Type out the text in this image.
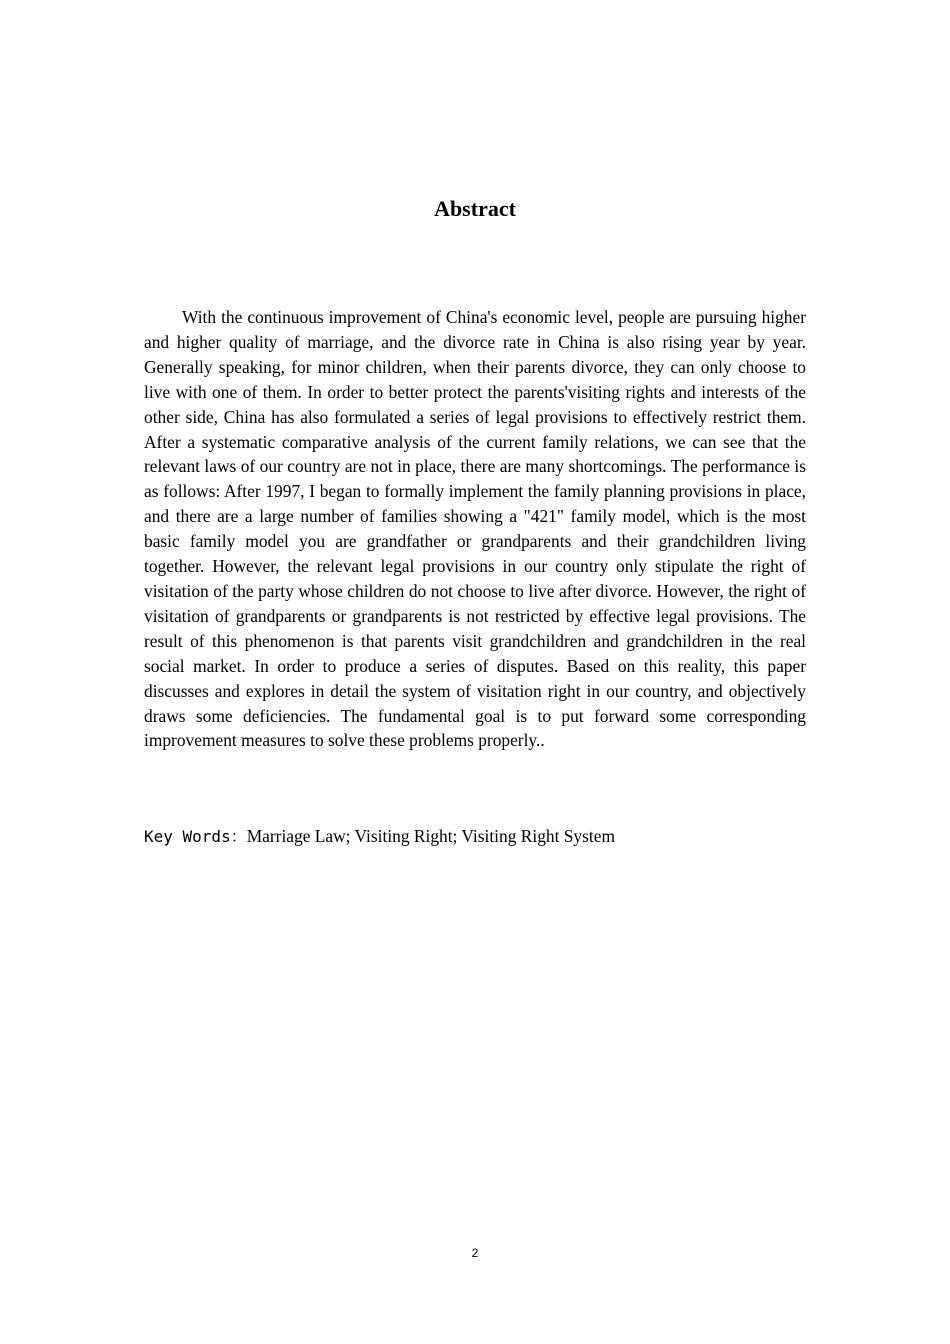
Abstract

With the continuous improvement of China's economic level, people are pursuing higher and higher quality of marriage, and the divorce rate in China is also rising year by year. Generally speaking, for minor children, when their parents divorce, they can only choose to live with one of them. In order to better protect the parents'visiting rights and interests of the other side, China has also formulated a series of legal provisions to effectively restrict them. After a systematic comparative analysis of the current family relations, we can see that the relevant laws of our country are not in place, there are many shortcomings. The performance is as follows: After 1997, I began to formally implement the family planning provisions in place, and there are a large number of families showing a "421" family model, which is the most basic family model you are grandfather or grandparents and their grandchildren living together. However, the relevant legal provisions in our country only stipulate the right of visitation of the party whose children do not choose to live after divorce. However, the right of visitation of grandparents or grandparents is not restricted by effective legal provisions. The result of this phenomenon is that parents visit grandchildren and grandchildren in the real social market. In order to produce a series of disputes. Based on this reality, this paper discusses and explores in detail the system of visitation right in our country, and objectively draws some deficiencies. The fundamental goal is to put forward some corresponding improvement measures to solve these problems properly..

Key Words：Marriage Law; Visiting Right; Visiting Right System
2
